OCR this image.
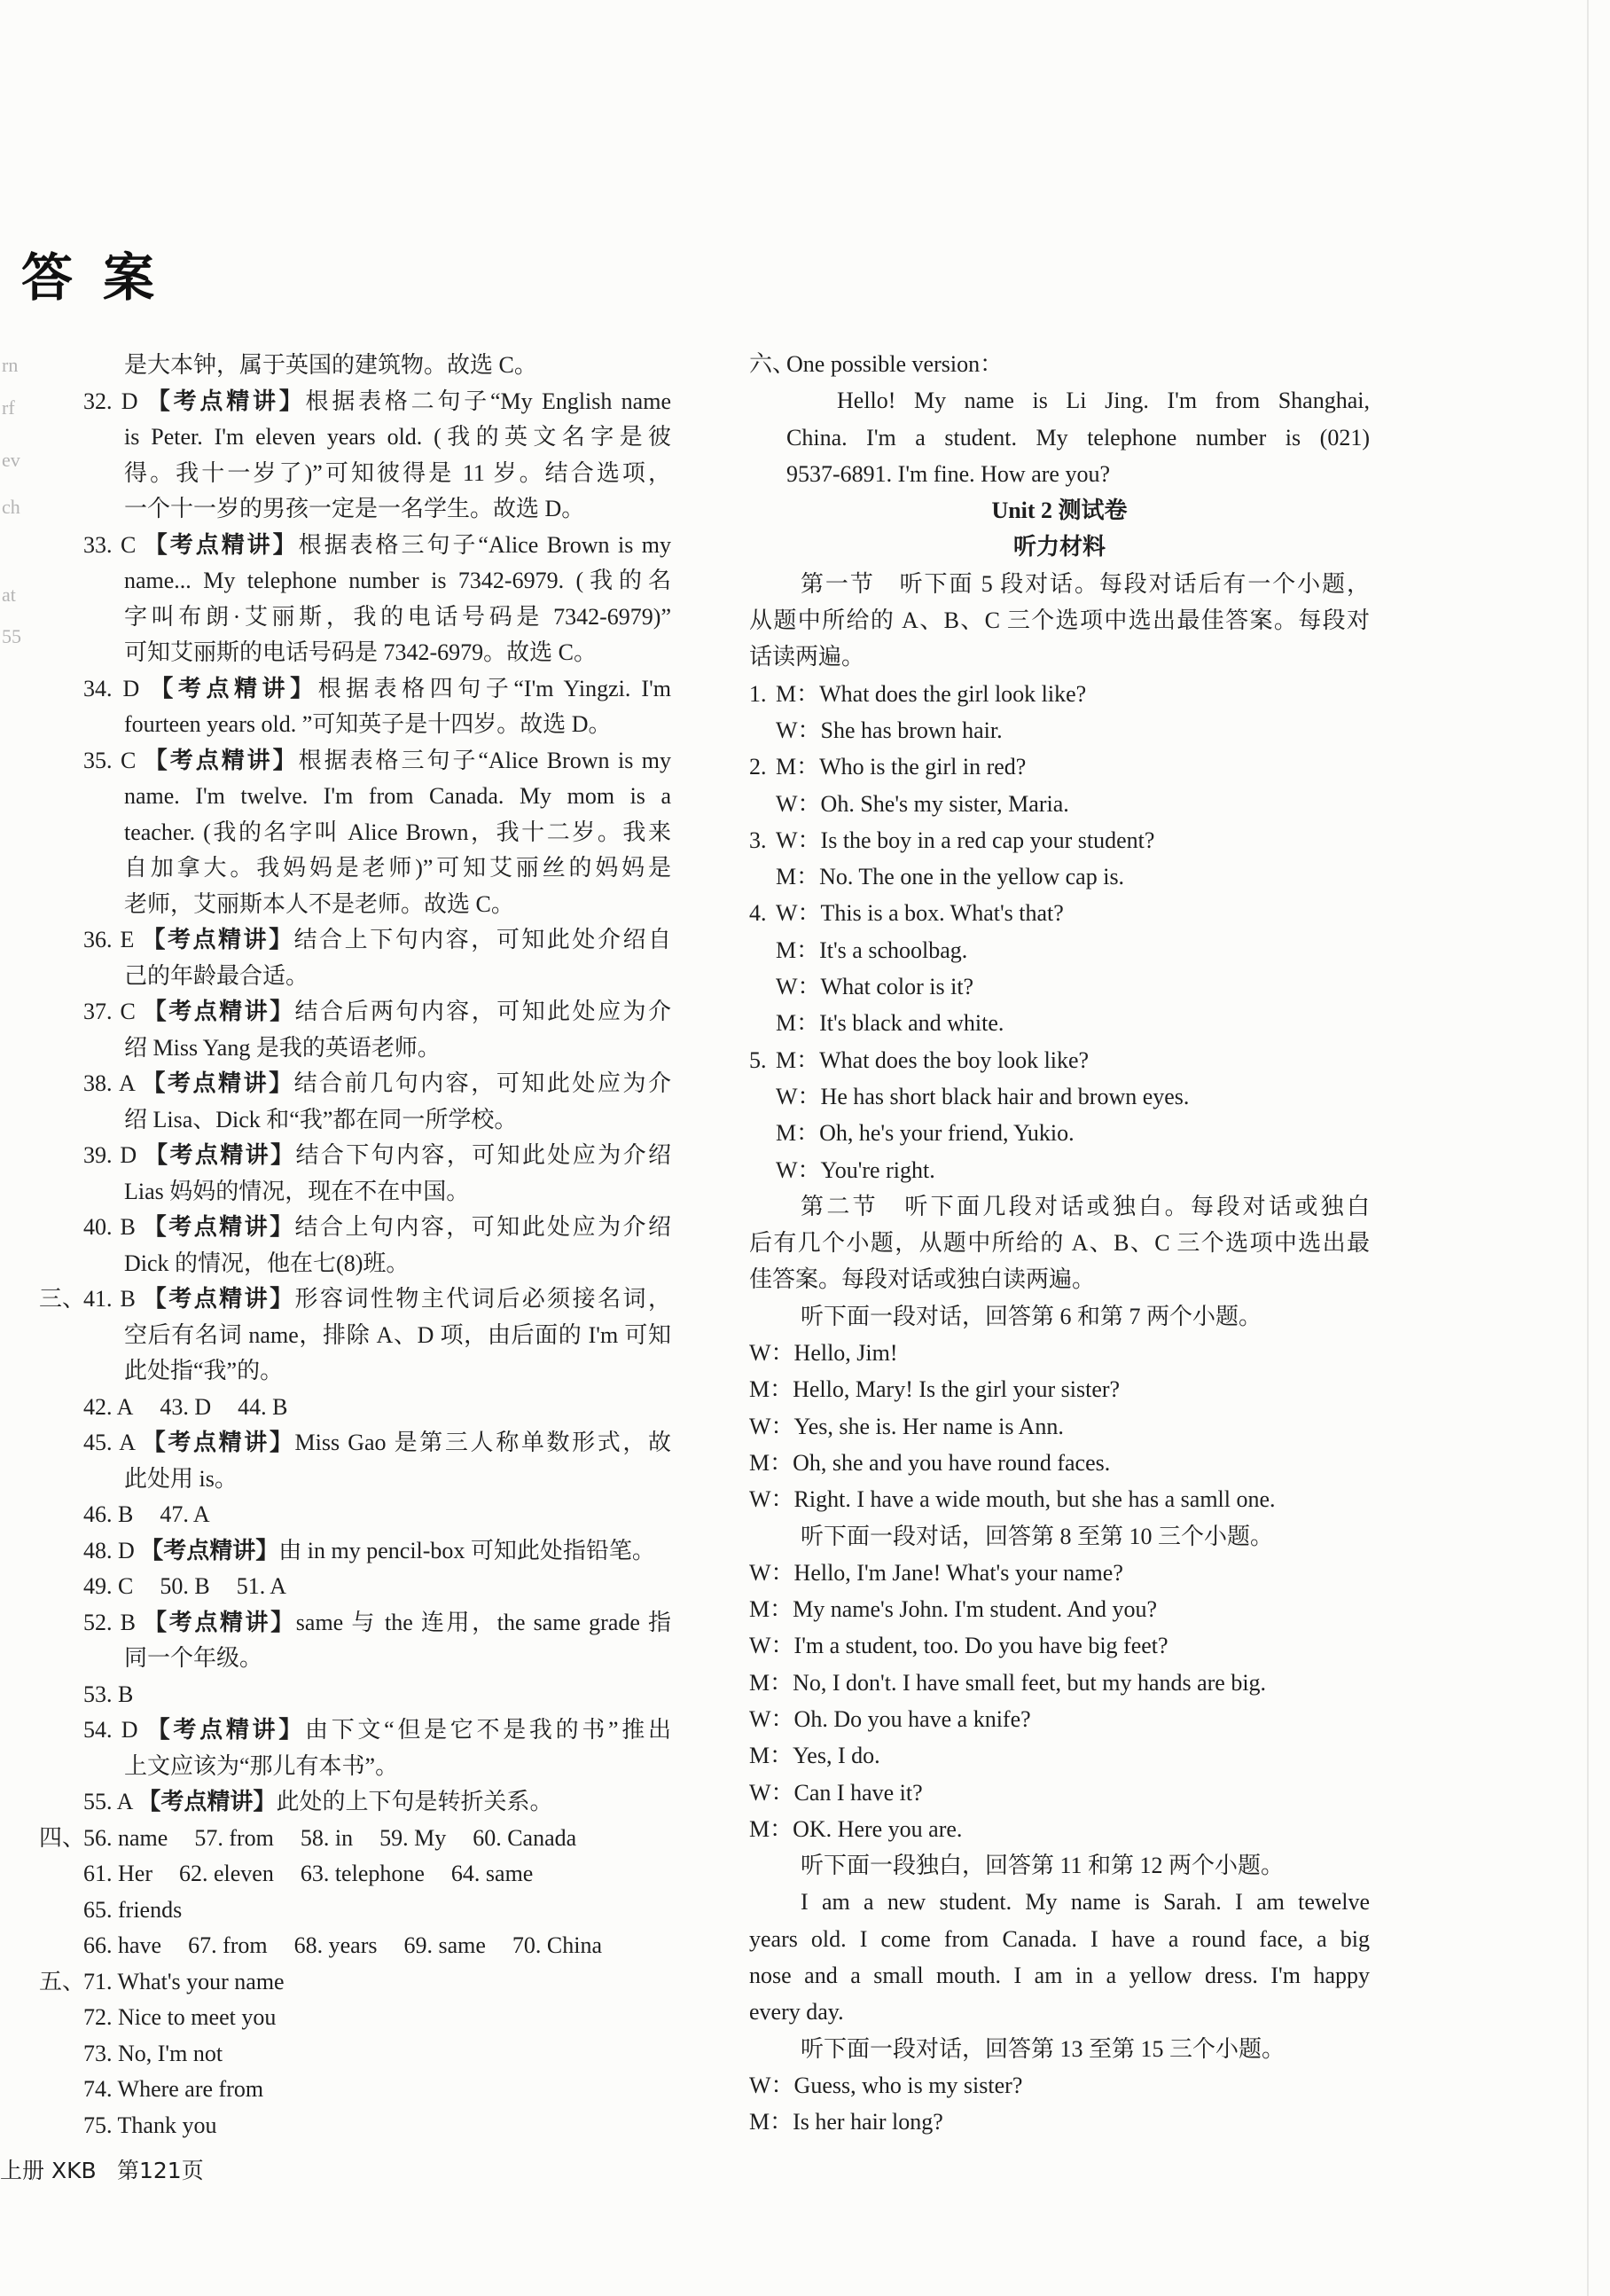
答案
rn
rf
ev
ch
at
55
是大本钟，属于英国的建筑物。故选 C。
32. D 【考点精讲】根据表格二句子“My English name
is Peter. I'm eleven years old. (我的英文名字是彼
得。我十一岁了)”可知彼得是 11 岁。结合选项，
一个十一岁的男孩一定是一名学生。故选 D。
33. C 【考点精讲】根据表格三句子“Alice Brown is my
name... My telephone number is 7342-6979. (我的名
字叫布朗·艾丽斯，我的电话号码是 7342-6979)”
可知艾丽斯的电话号码是 7342-6979。故选 C。
34. D 【考点精讲】根据表格四句子“I'm Yingzi. I'm
fourteen years old. ”可知英子是十四岁。故选 D。
35. C 【考点精讲】根据表格三句子“Alice Brown is my
name. I'm twelve. I'm from Canada. My mom is a
teacher. (我的名字叫 Alice Brown，我十二岁。我来
自加拿大。我妈妈是老师)”可知艾丽丝的妈妈是
老师，艾丽斯本人不是老师。故选 C。
36. E 【考点精讲】结合上下句内容，可知此处介绍自
己的年龄最合适。
37. C 【考点精讲】结合后两句内容，可知此处应为介
绍 Miss Yang 是我的英语老师。
38. A 【考点精讲】结合前几句内容，可知此处应为介
绍 Lisa、Dick 和“我”都在同一所学校。
39. D 【考点精讲】结合下句内容，可知此处应为介绍
Lias 妈妈的情况，现在不在中国。
40. B 【考点精讲】结合上句内容，可知此处应为介绍
Dick 的情况，他在七(8)班。
三、
41. B 【考点精讲】形容词性物主代词后必须接名词，
空后有名词 name，排除 A、D 项，由后面的 I'm 可知
此处指“我”的。
42. A 43. D 44. B
45. A 【考点精讲】Miss Gao 是第三人称单数形式，故
此处用 is。
46. B 47. A
48. D 【考点精讲】由 in my pencil-box 可知此处指铅笔。
49. C 50. B 51. A
52. B 【考点精讲】same 与 the 连用，the same grade 指
同一个年级。
53. B
54. D 【考点精讲】由下文“但是它不是我的书”推出
上文应该为“那儿有本书”。
55. A 【考点精讲】此处的上下句是转折关系。
四、
56. name 57. from 58. in 59. My 60. Canada
61. Her 62. eleven 63. telephone 64. same
65. friends
66. have 67. from 68. years 69. same 70. China
五、
71. What's your name
72. Nice to meet you
73. No, I'm not
74. Where are from
75. Thank you
六、One possible version：
Hello! My name is Li Jing. I'm from Shanghai,
China. I'm a student. My telephone number is (021)
9537-6891. I'm fine. How are you?
Unit 2 测试卷
听力材料
第一节　听下面 5 段对话。每段对话后有一个小题，
从题中所给的 A、B、C 三个选项中选出最佳答案。每段对
话读两遍。
1. M：What does the girl look like?
W：She has brown hair.
2. M：Who is the girl in red?
W：Oh. She's my sister, Maria.
3. W：Is the boy in a red cap your student?
M：No. The one in the yellow cap is.
4. W：This is a box. What's that?
M：It's a schoolbag.
W：What color is it?
M：It's black and white.
5. M：What does the boy look like?
W：He has short black hair and brown eyes.
M：Oh, he's your friend, Yukio.
W：You're right.
第二节　听下面几段对话或独白。每段对话或独白
后有几个小题，从题中所给的 A、B、C 三个选项中选出最
佳答案。每段对话或独白读两遍。
听下面一段对话，回答第 6 和第 7 两个小题。
W：Hello, Jim!
M：Hello, Mary! Is the girl your sister?
W：Yes, she is. Her name is Ann.
M：Oh, she and you have round faces.
W：Right. I have a wide mouth, but she has a samll one.
听下面一段对话，回答第 8 至第 10 三个小题。
W：Hello, I'm Jane! What's your name?
M：My name's John. I'm student. And you?
W：I'm a student, too. Do you have big feet?
M：No, I don't. I have small feet, but my hands are big.
W：Oh. Do you have a knife?
M：Yes, I do.
W：Can I have it?
M：OK. Here you are.
听下面一段独白，回答第 11 和第 12 两个小题。
I am a new student. My name is Sarah. I am tewelve
years old. I come from Canada. I have a round face, a big
nose and a small mouth. I am in a yellow dress. I'm happy
every day.
听下面一段对话，回答第 13 至第 15 三个小题。
W：Guess, who is my sister?
M：Is her hair long?
上册 XKB 第121页
